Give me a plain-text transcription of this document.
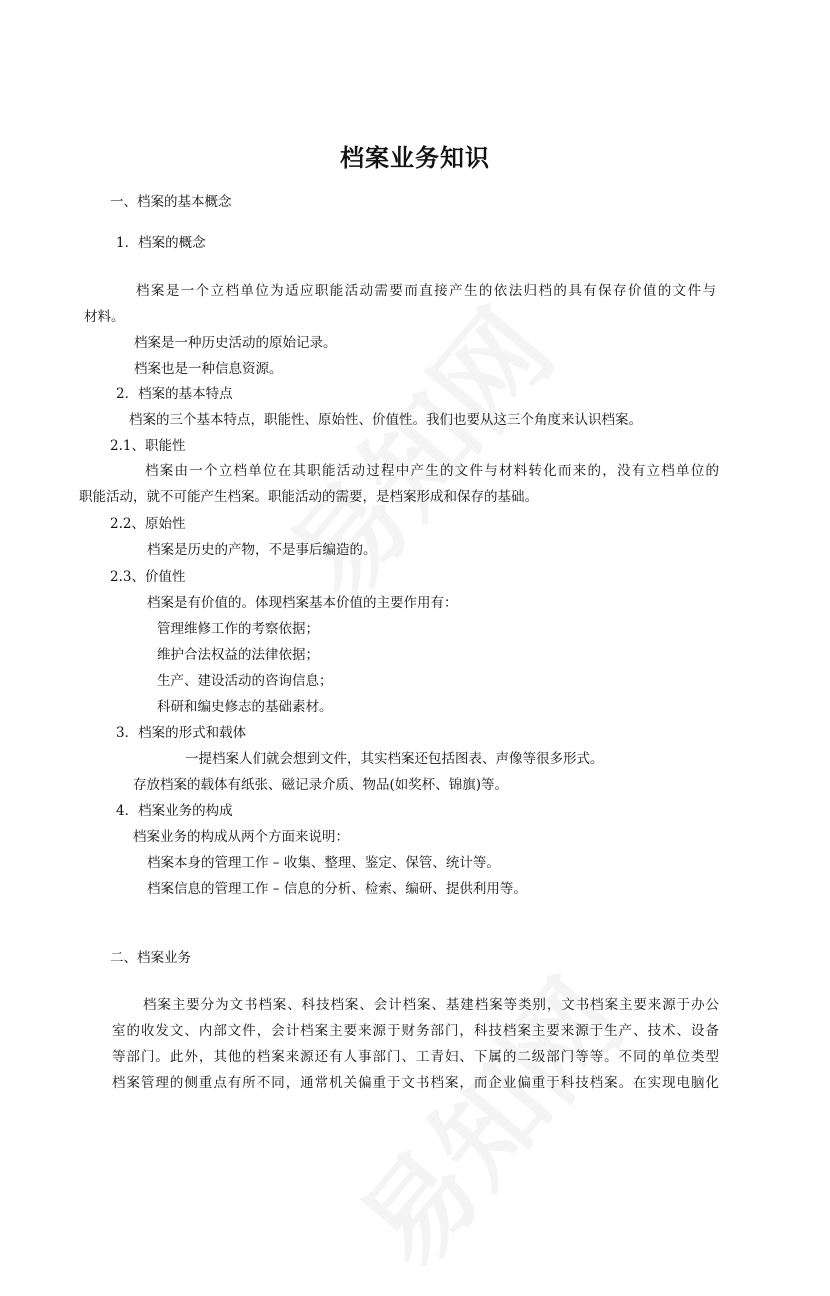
档案业务知识
一、档案的基本概念
1．档案的概念
档案是一个立档单位为适应职能活动需要而直接产生的依法归档的具有保存价值的文件与
材料。
档案是一种历史活动的原始记录。
档案也是一种信息资源。
2．档案的基本特点
档案的三个基本特点，职能性、原始性、价值性。我们也要从这三个角度来认识档案。
2.1、职能性
档案由一个立档单位在其职能活动过程中产生的文件与材料转化而来的，没有立档单位的
职能活动，就不可能产生档案。职能活动的需要，是档案形成和保存的基础。
2.2、原始性
档案是历史的产物，不是事后编造的。
2.3、价值性
档案是有价值的。体现档案基本价值的主要作用有：
管理维修工作的考察依据；
维护合法权益的法律依据；
生产、建设活动的咨询信息；
科研和编史修志的基础素材。
3．档案的形式和载体
一提档案人们就会想到文件，其实档案还包括图表、声像等很多形式。
存放档案的载体有纸张、磁记录介质、物品(如奖杯、锦旗)等。
4．档案业务的构成
档案业务的构成从两个方面来说明：
档案本身的管理工作 – 收集、整理、鉴定、保管、统计等。
档案信息的管理工作 – 信息的分析、检索、编研、提供利用等。
二、档案业务
档案主要分为文书档案、科技档案、会计档案、基建档案等类别，文书档案主要来源于办公
室的收发文、内部文件，会计档案主要来源于财务部门，科技档案主要来源于生产、技术、设备
等部门。此外，其他的档案来源还有人事部门、工青妇、下属的二级部门等等。不同的单位类型
档案管理的侧重点有所不同，通常机关偏重于文书档案，而企业偏重于科技档案。在实现电脑化
